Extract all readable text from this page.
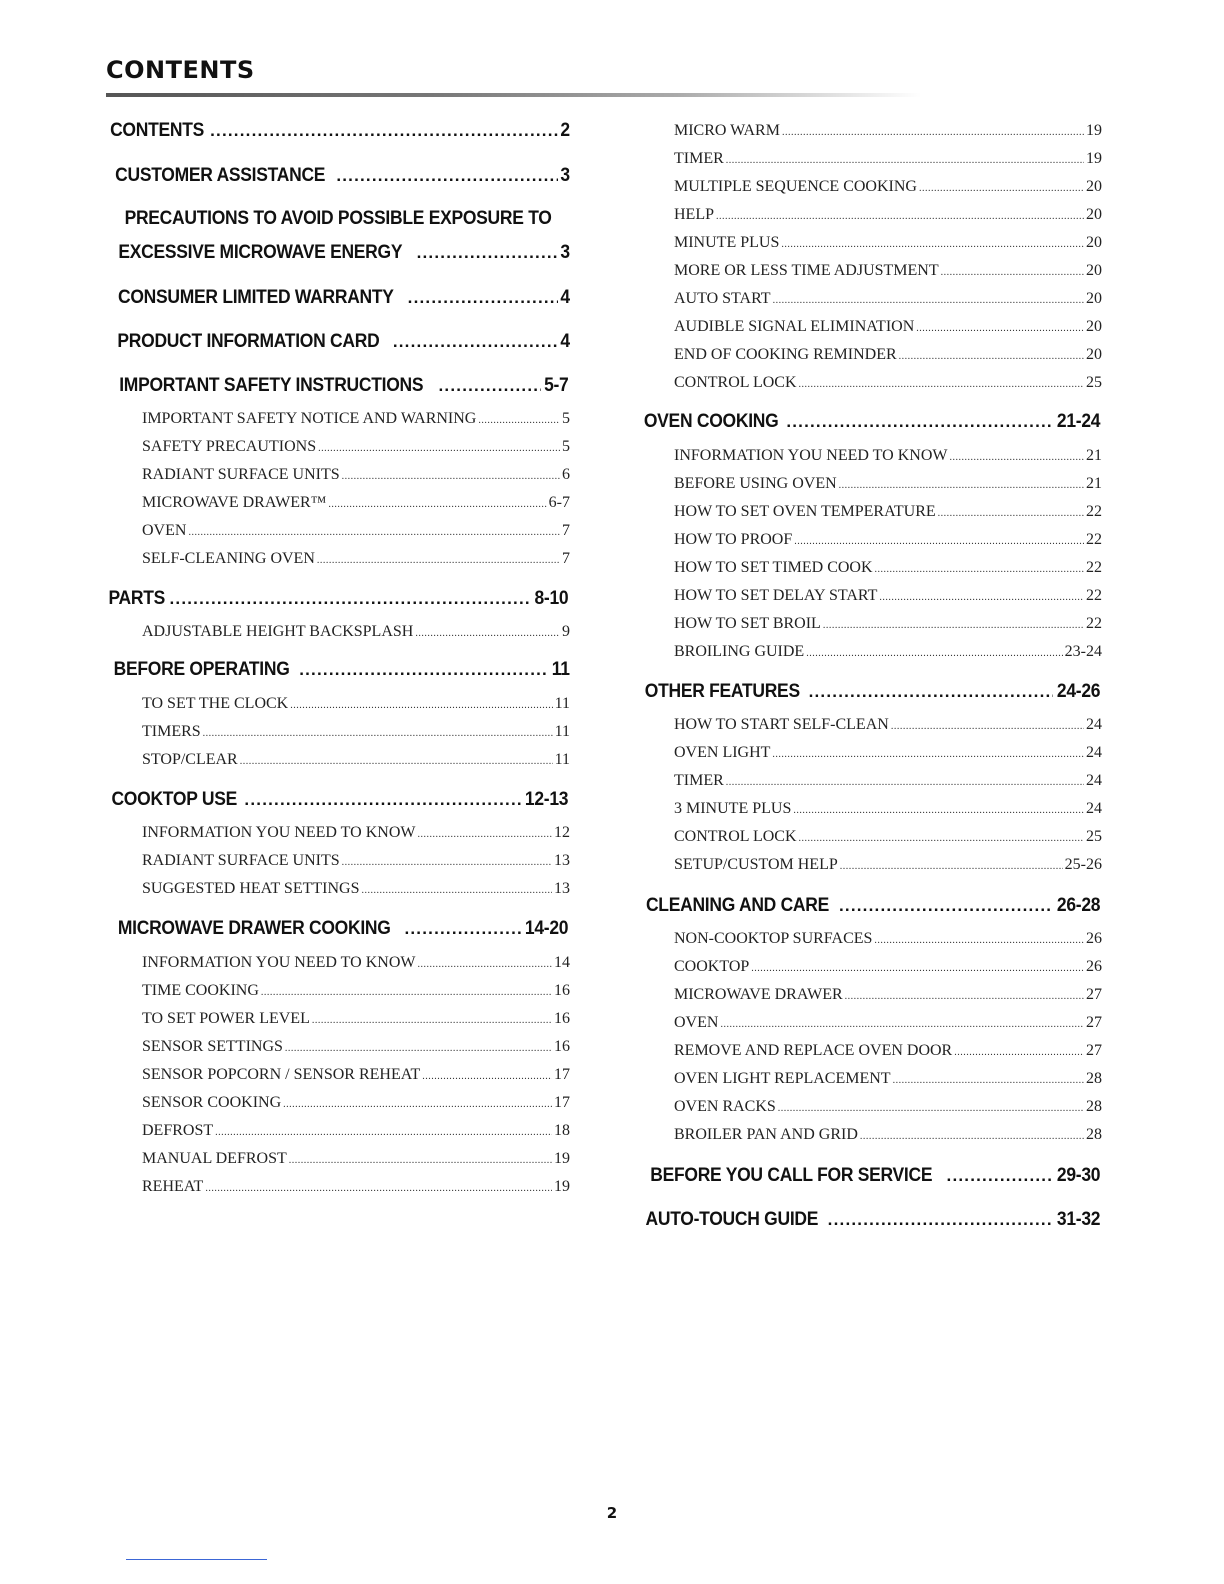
CONTENTS
CONTENTS .....	2
CUSTOMER ASSISTANCE .....	3
PRECAUTIONS TO AVOID POSSIBLE EXPOSURE TO
EXCESSIVE MICROWAVE ENERGY .....	3
CONSUMER LIMITED WARRANTY .....	4
PRODUCT INFORMATION CARD .....	4
IMPORTANT SAFETY INSTRUCTIONS .....	5-7
IMPORTANT SAFETY NOTICE AND WARNING .....	5
SAFETY PRECAUTIONS .....	5
RADIANT SURFACE UNITS .....	6
MICROWAVE DRAWER™ .....	6-7
OVEN .....	7
SELF-CLEANING OVEN .....	7
PARTS .....	8-10
ADJUSTABLE HEIGHT BACKSPLASH .....	9
BEFORE OPERATING .....	11
TO SET THE CLOCK .....	11
TIMERS .....	11
STOP/CLEAR .....	11
COOKTOP USE .....	12-13
INFORMATION YOU NEED TO KNOW .....	12
RADIANT SURFACE UNITS .....	13
SUGGESTED HEAT SETTINGS .....	13
MICROWAVE DRAWER COOKING .....	14-20
INFORMATION YOU NEED TO KNOW .....	14
TIME COOKING .....	16
TO SET POWER LEVEL .....	16
SENSOR SETTINGS .....	16
SENSOR POPCORN / SENSOR REHEAT .....	17
SENSOR COOKING .....	17
DEFROST .....	18
MANUAL DEFROST .....	19
REHEAT .....	19
MICRO WARM .....	19
TIMER .....	19
MULTIPLE SEQUENCE COOKING .....	20
HELP .....	20
MINUTE PLUS .....	20
MORE OR LESS TIME ADJUSTMENT .....	20
AUTO START .....	20
AUDIBLE SIGNAL ELIMINATION .....	20
END OF COOKING REMINDER .....	20
CONTROL LOCK .....	25
OVEN COOKING .....	21-24
INFORMATION YOU NEED TO KNOW .....	21
BEFORE USING OVEN .....	21
HOW TO SET OVEN TEMPERATURE .....	22
HOW TO PROOF .....	22
HOW TO SET TIMED COOK .....	22
HOW TO SET DELAY START .....	22
HOW TO SET BROIL .....	22
BROILING GUIDE .....	23-24
OTHER FEATURES .....	24-26
HOW TO START SELF-CLEAN .....	24
OVEN LIGHT .....	24
TIMER .....	24
3 MINUTE PLUS .....	24
CONTROL LOCK .....	25
SETUP/CUSTOM HELP .....	25-26
CLEANING AND CARE .....	26-28
NON-COOKTOP SURFACES .....	26
COOKTOP .....	26
MICROWAVE DRAWER .....	27
OVEN .....	27
REMOVE AND REPLACE OVEN DOOR .....	27
OVEN LIGHT REPLACEMENT .....	28
OVEN RACKS .....	28
BROILER PAN AND GRID .....	28
BEFORE YOU CALL FOR SERVICE .....	29-30
AUTO-TOUCH GUIDE .....	31-32
2
